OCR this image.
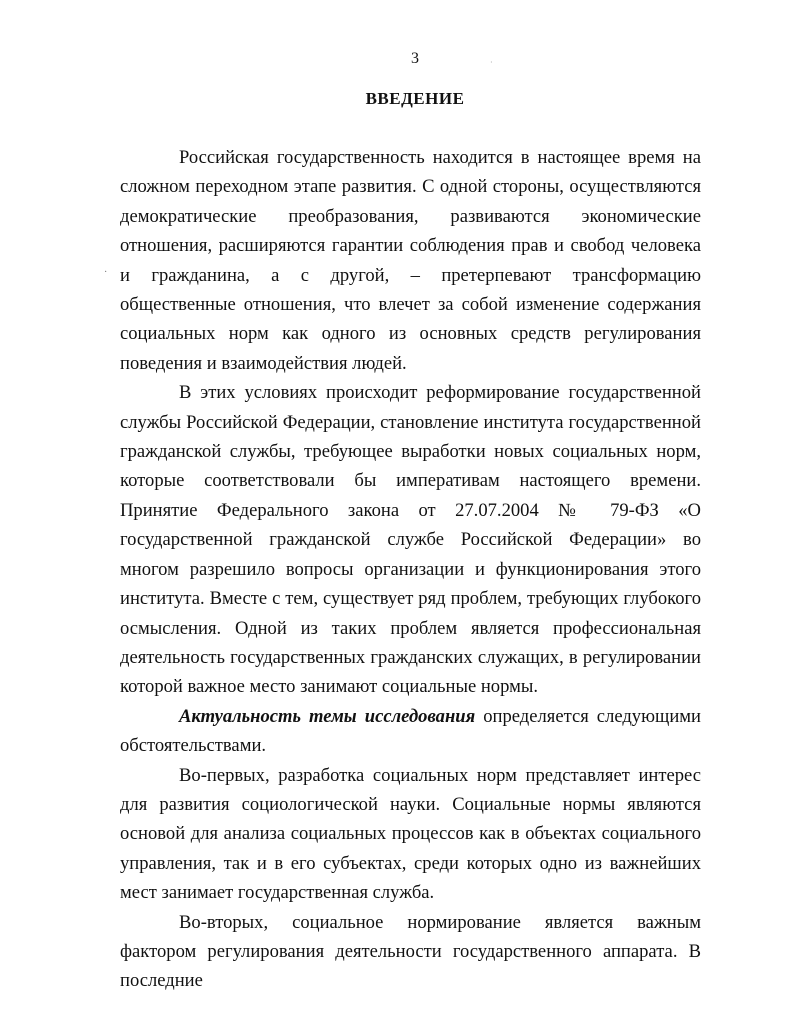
3	·
ВВЕДЕНИЕ
·

Российская государственность находится в настоящее время на сложном переходном этапе развития. С одной стороны, осуществляются демократические преобразования, развиваются экономические отношения, расширяются гарантии соблюдения прав и свобод человека и гражданина, а с другой, – претерпевают трансформацию общественные отношения, что влечет за собой изменение содержания социальных норм как одного из основных средств регулирования поведения и взаимодействия людей.

В этих условиях происходит реформирование государственной службы Российской Федерации, становление института государственной гражданской службы, требующее выработки новых социальных норм, которые соответствовали бы императивам настоящего времени. Принятие Федерального закона от 27.07.2004 № 79-ФЗ «О государственной гражданской службе Российской Федерации» во многом разрешило вопросы организации и функционирования этого института. Вместе с тем, существует ряд проблем, требующих глубокого осмысления. Одной из таких проблем является профессиональная деятельность государственных гражданских служащих, в регулировании которой важное место занимают социальные нормы.

Актуальность темы исследования определяется следующими обстоятельствами.

Во-первых, разработка социальных норм представляет интерес для развития социологической науки. Социальные нормы являются основой для анализа социальных процессов как в объектах социального управления, так и в его субъектах, среди которых одно из важнейших мест занимает государственная служба.

Во-вторых, социальное нормирование является важным фактором регулирования деятельности государственного аппарата. В последние
